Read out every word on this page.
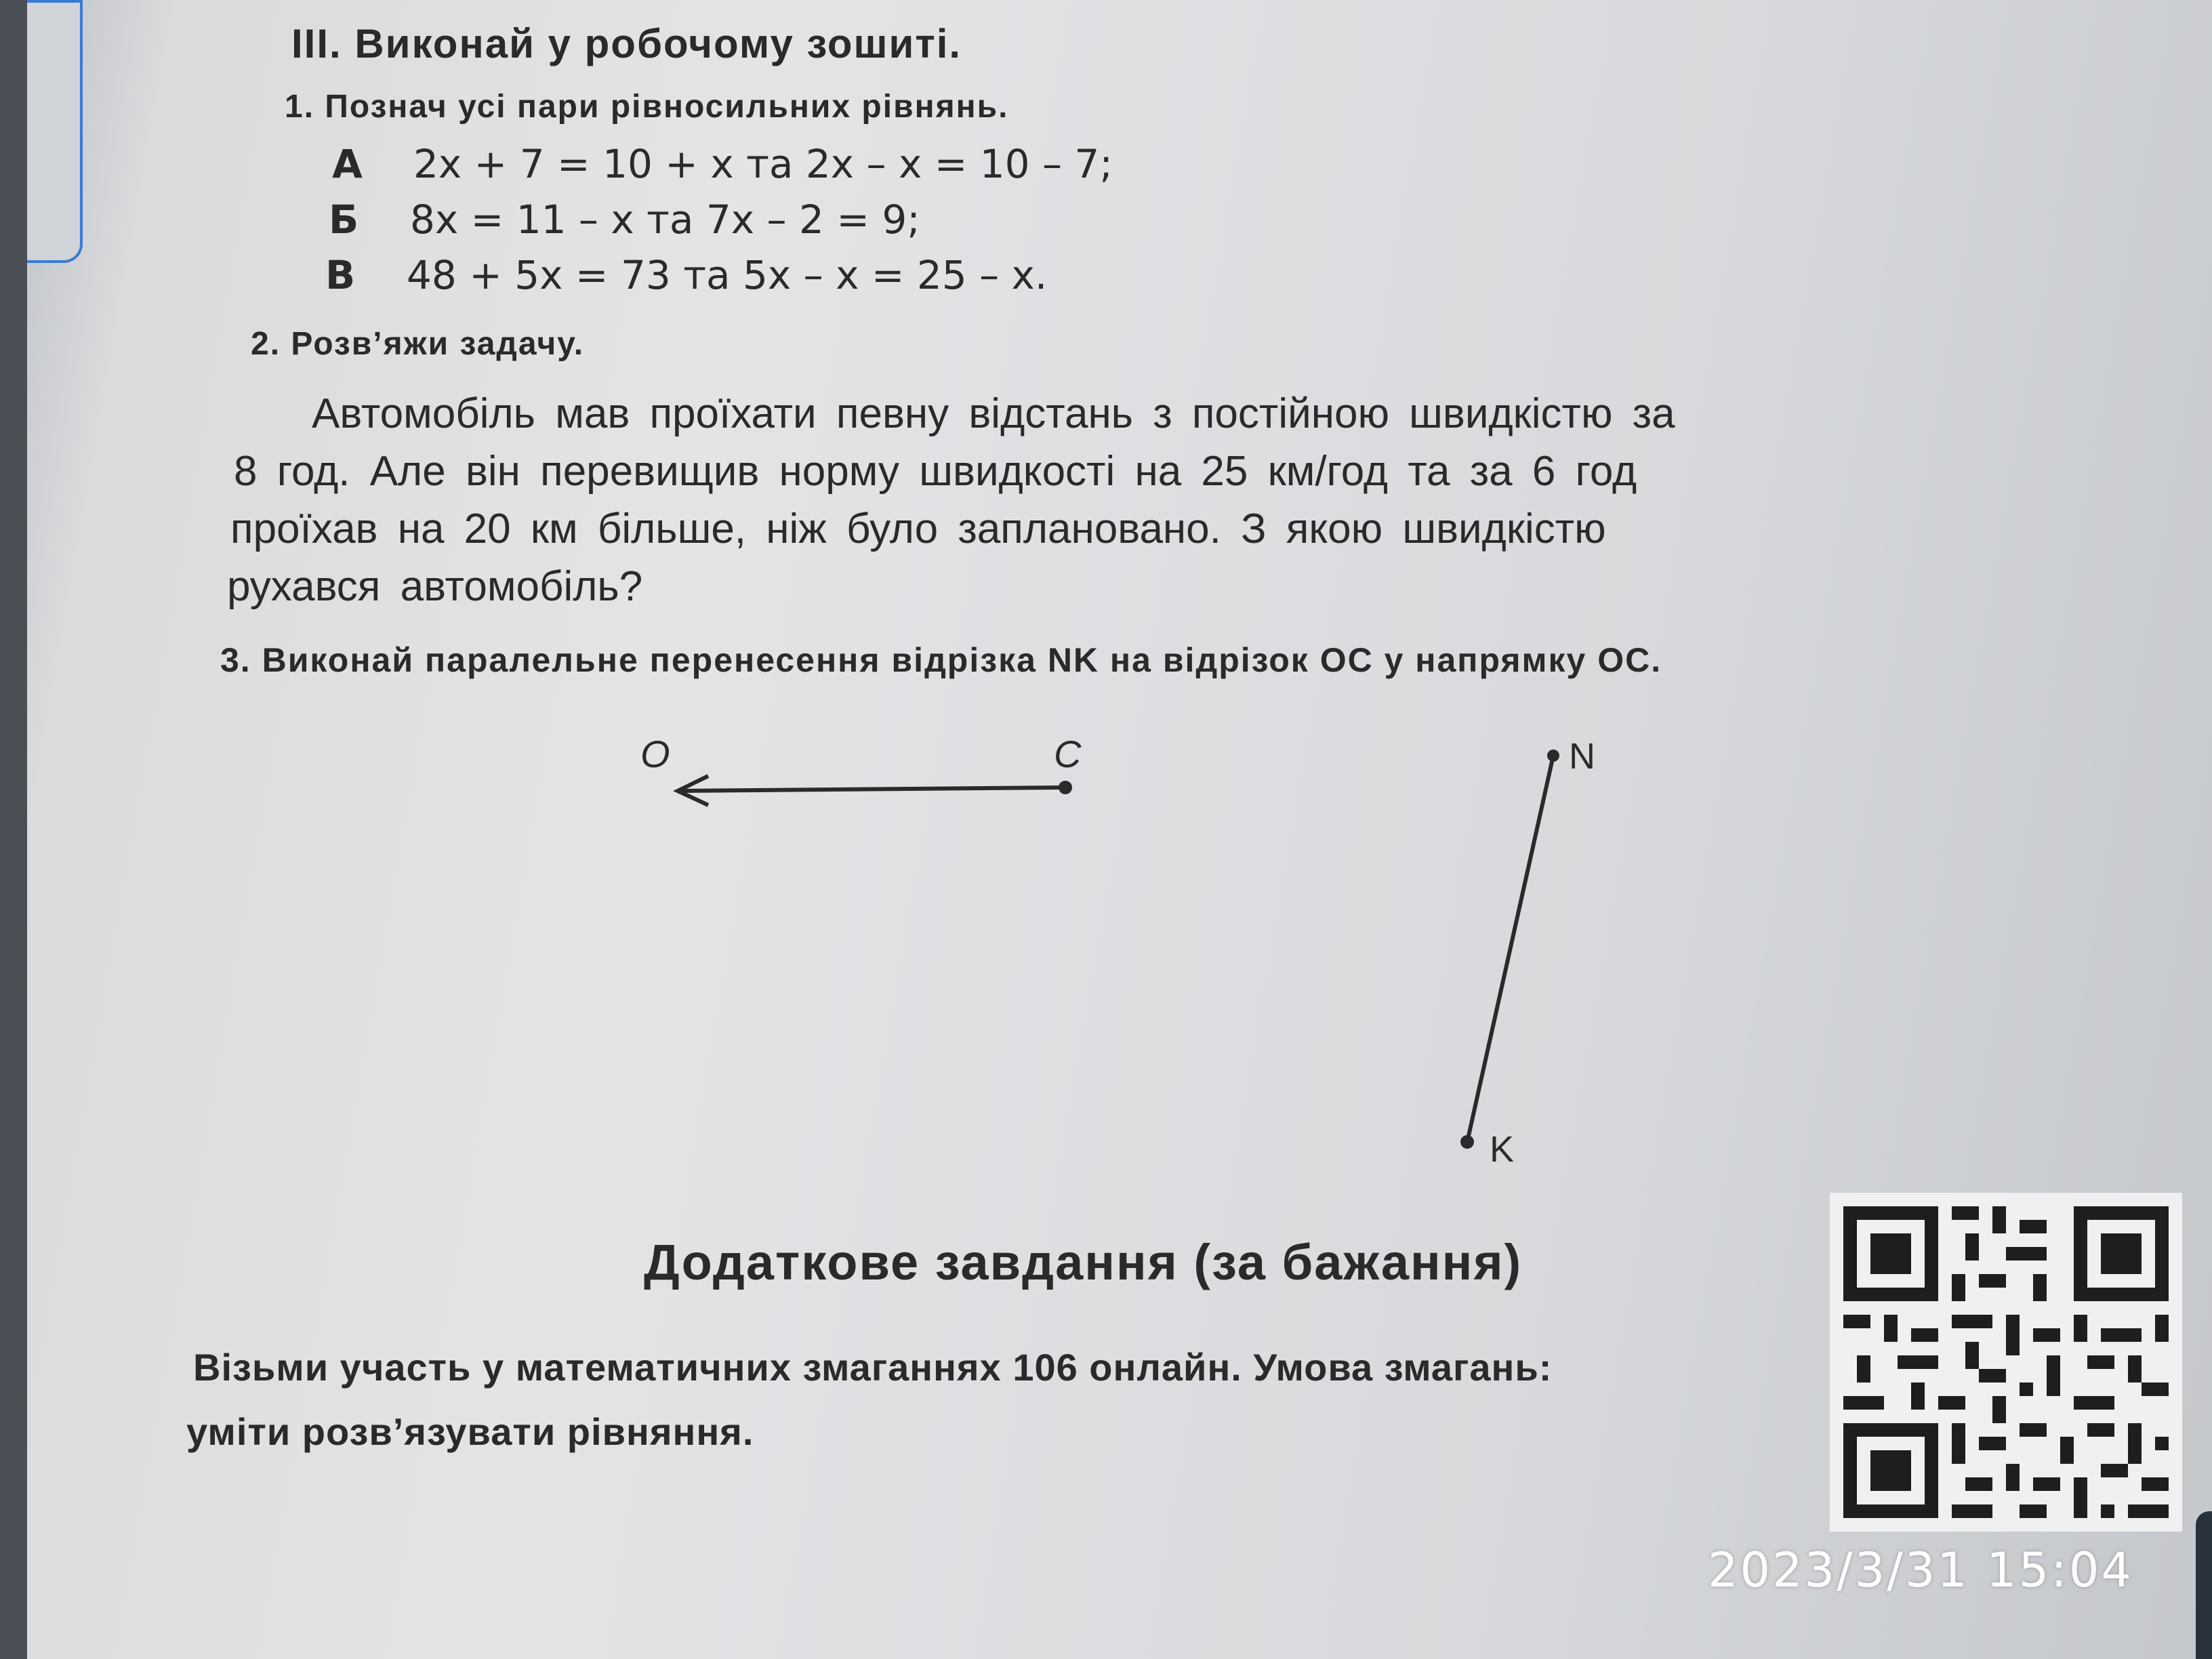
III. Виконай у робочому зошиті.
1. Познач усі пари рівносильних рівнянь.
А 2x + 7 = 10 + x та 2x – x = 10 – 7;
Б 8x = 11 – x та 7x – 2 = 9;
В 48 + 5x = 73 та 5x – x = 25 – x.
2. Розв’яжи задачу.
Автомобіль мав проїхати певну відстань з постійною швидкістю за
8 год. Але він перевищив норму швидкості на 25 км/год та за 6 год
проїхав на 20 км більше, ніж було заплановано. З якою швидкістю
рухався автомобіль?
3. Виконай паралельне перенесення відрізка NK на відрізок OC у напрямку OC.
O	C	N
K
Додаткове завдання (за бажання)
Візьми участь у математичних змаганнях 106 онлайн. Умова змагань:
уміти розв’язувати рівняння.
2023/3/31 15:04
